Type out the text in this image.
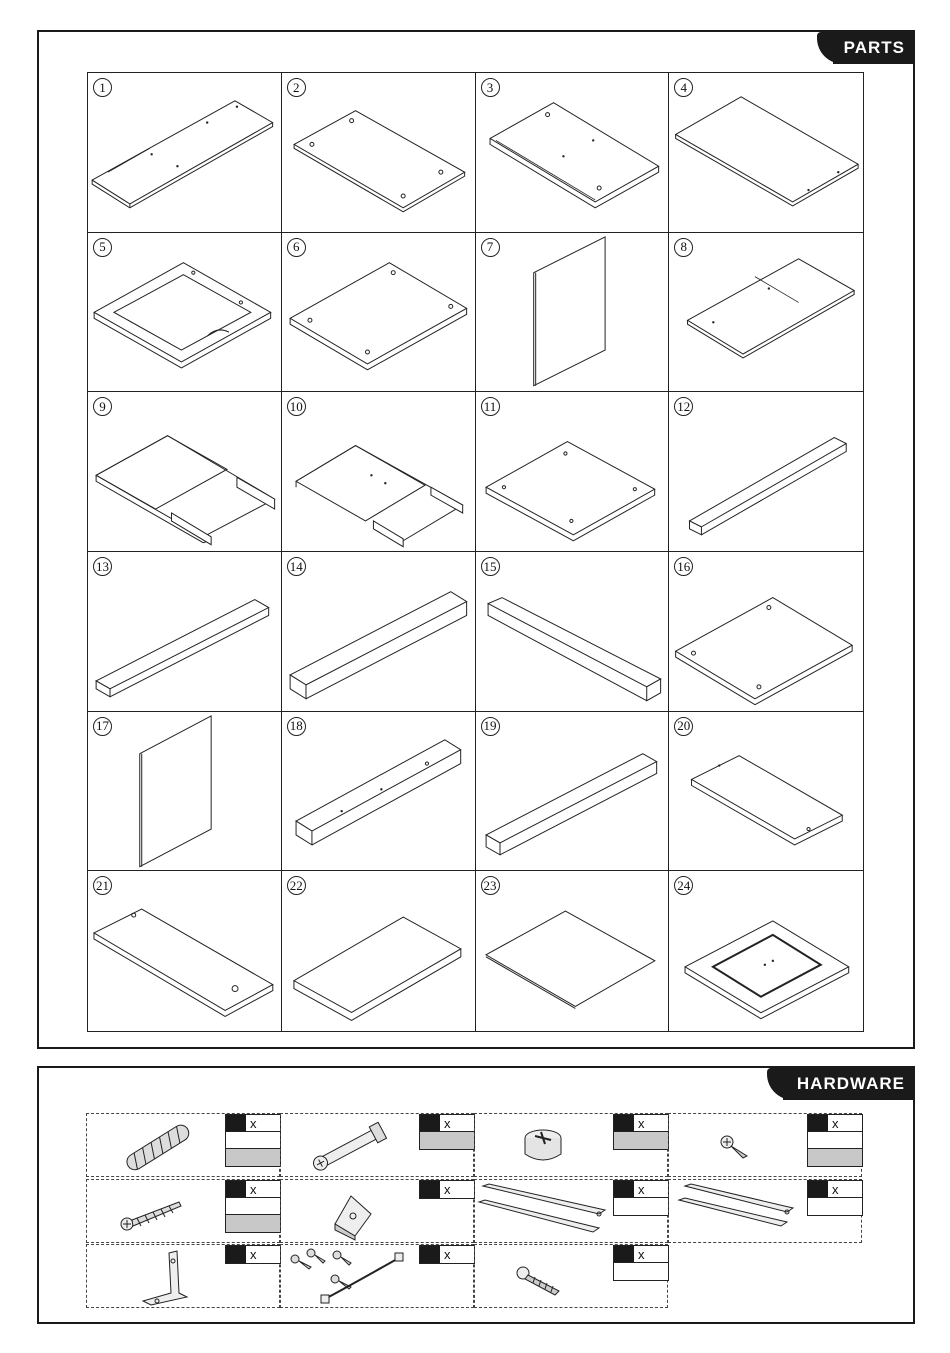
PARTS
1	2	3	4
5	6	7	8
9	10	11	12
13	14	15	16
17	18	19	20
21	22	23	24
HARDWARE
x	x	x	x
x	x	x	x
x	x	x
